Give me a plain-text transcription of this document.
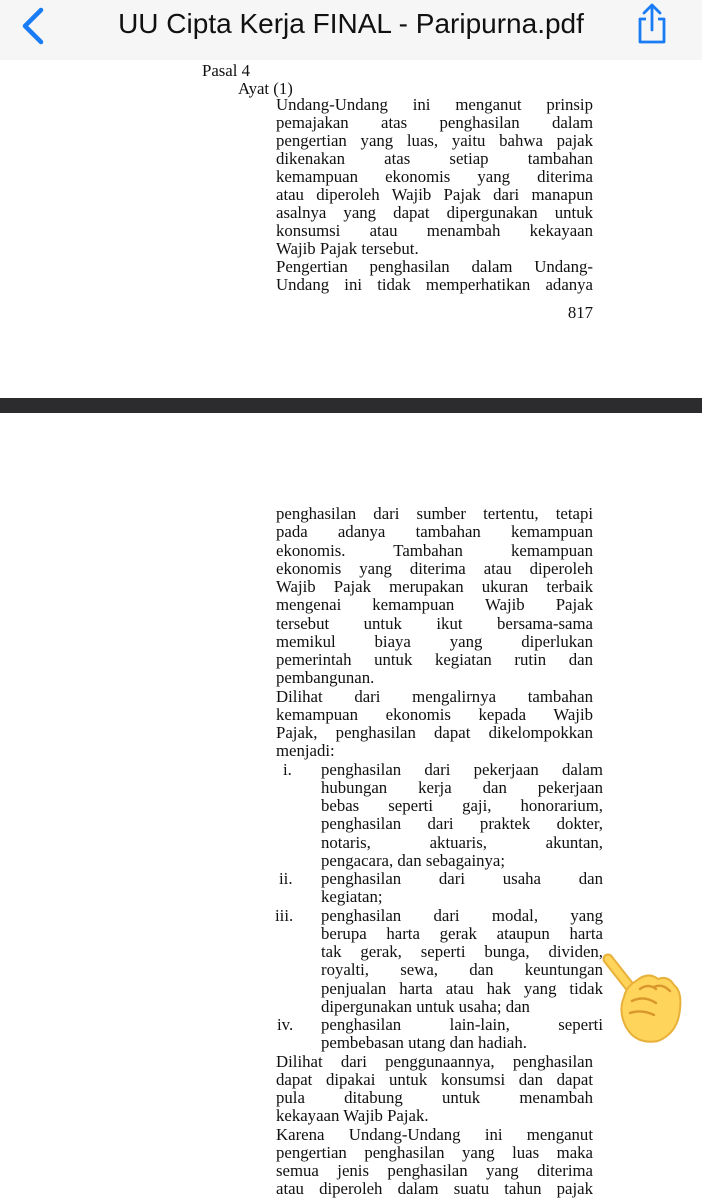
UU Cipta Kerja FINAL - Paripurna.pdf
Pasal 4
Ayat (1)
Undang-Undang ini menganut prinsip
pemajakan atas penghasilan dalam
pengertian yang luas, yaitu bahwa pajak
dikenakan atas setiap tambahan
kemampuan ekonomis yang diterima
atau diperoleh Wajib Pajak dari manapun
asalnya yang dapat dipergunakan untuk
konsumsi atau menambah kekayaan
Wajib Pajak tersebut.
Pengertian penghasilan dalam Undang-
Undang ini tidak memperhatikan adanya
817
penghasilan dari sumber tertentu, tetapi
pada adanya tambahan kemampuan
ekonomis. Tambahan kemampuan
ekonomis yang diterima atau diperoleh
Wajib Pajak merupakan ukuran terbaik
mengenai kemampuan Wajib Pajak
tersebut untuk ikut bersama-sama
memikul biaya yang diperlukan
pemerintah untuk kegiatan rutin dan
pembangunan.
Dilihat dari mengalirnya tambahan
kemampuan ekonomis kepada Wajib
Pajak, penghasilan dapat dikelompokkan
menjadi:
i.	penghasilan dari pekerjaan dalam
hubungan kerja dan pekerjaan
bebas seperti gaji, honorarium,
penghasilan dari praktek dokter,
notaris, aktuaris, akuntan,
pengacara, dan sebagainya;
ii.	penghasilan dari usaha dan
kegiatan;
iii.	penghasilan dari modal, yang
berupa harta gerak ataupun harta
tak gerak, seperti bunga, dividen,
royalti, sewa, dan keuntungan
penjualan harta atau hak yang tidak
dipergunakan untuk usaha; dan
iv.	penghasilan lain-lain, seperti
pembebasan utang dan hadiah.
Dilihat dari penggunaannya, penghasilan
dapat dipakai untuk konsumsi dan dapat
pula ditabung untuk menambah
kekayaan Wajib Pajak.
Karena Undang-Undang ini menganut
pengertian penghasilan yang luas maka
semua jenis penghasilan yang diterima
atau diperoleh dalam suatu tahun pajak
